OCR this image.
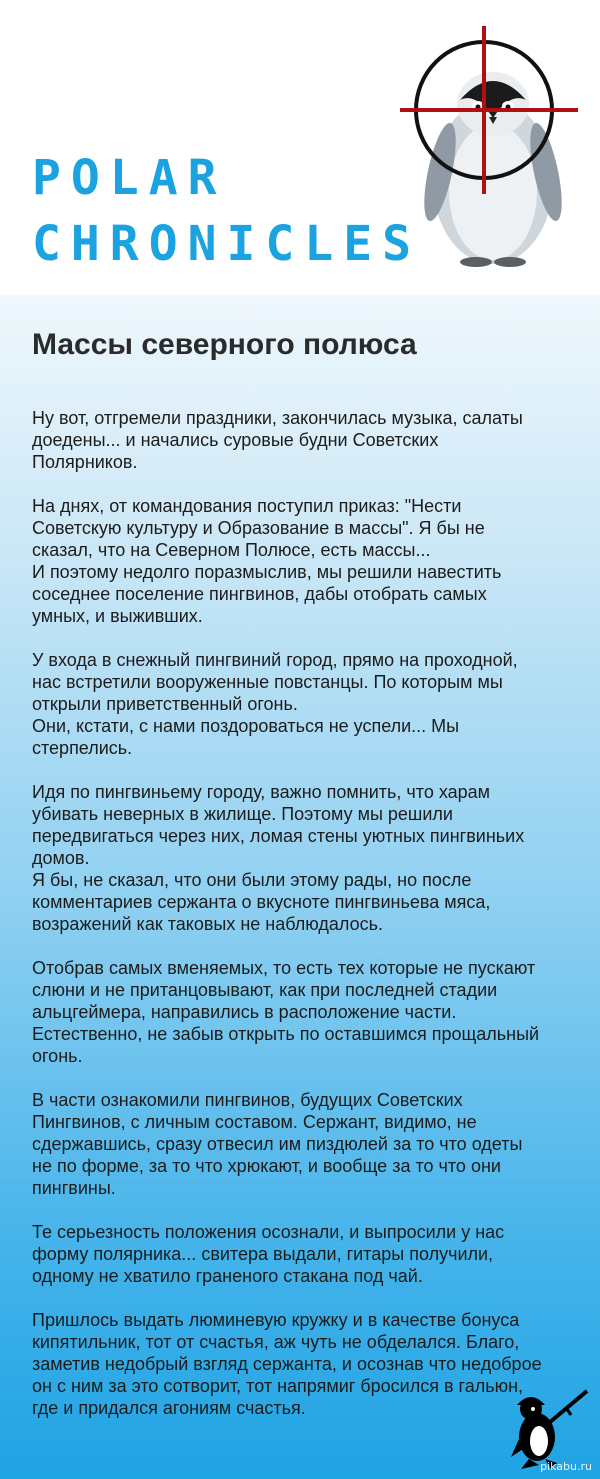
POLAR
CHRONICLES
Массы северного полюса

Ну вот, отгремели праздники, закончилась музыка, салаты
доедены... и начались суровые будни Советских
Полярников.

На днях, от командования поступил приказ: "Нести
Советскую культуру и Образование в массы". Я бы не
сказал, что на Северном Полюсе, есть массы...
И поэтому недолго поразмыслив, мы решили навестить
соседнее поселение пингвинов, дабы отобрать самых
умных, и выживших.

У входа в снежный пингвиний город, прямо на проходной,
нас встретили вооруженные повстанцы. По которым мы
открыли приветственный огонь.
Они, кстати, с нами поздороваться не успели... Мы
стерпелись.

Идя по пингвиньему городу, важно помнить, что харам
убивать неверных в жилище. Поэтому мы решили
передвигаться через них, ломая стены уютных пингвиньих
домов.
Я бы, не сказал, что они были этому рады, но после
комментариев сержанта о вкусноте пингвиньева мяса,
возражений как таковых не наблюдалось.

Отобрав самых вменяемых, то есть тех которые не пускают
слюни и не пританцовывают, как при последней стадии
альцгеймера, направились в расположение части.
Естественно, не забыв открыть по оставшимся прощальный
огонь.

В части ознакомили пингвинов, будущих Советских
Пингвинов, с личным составом. Сержант, видимо, не
сдержавшись, сразу отвесил им пиздюлей за то что одеты
не по форме, за то что хрюкают, и вообще за то что они
пингвины.

Те серьезность положения осознали, и выпросили у нас
форму полярника... свитера выдали, гитары получили,
одному не хватило граненого стакана под чай.

Пришлось выдать люминевую кружку и в качестве бонуса
кипятильник, тот от счастья, аж чуть не обделался. Благо,
заметив недобрый взгляд сержанта, и осознав что недоброе
он с ним за это сотворит, тот напрямиг бросился в гальюн,
где и придался агониям счастья.

pikabu.ru
